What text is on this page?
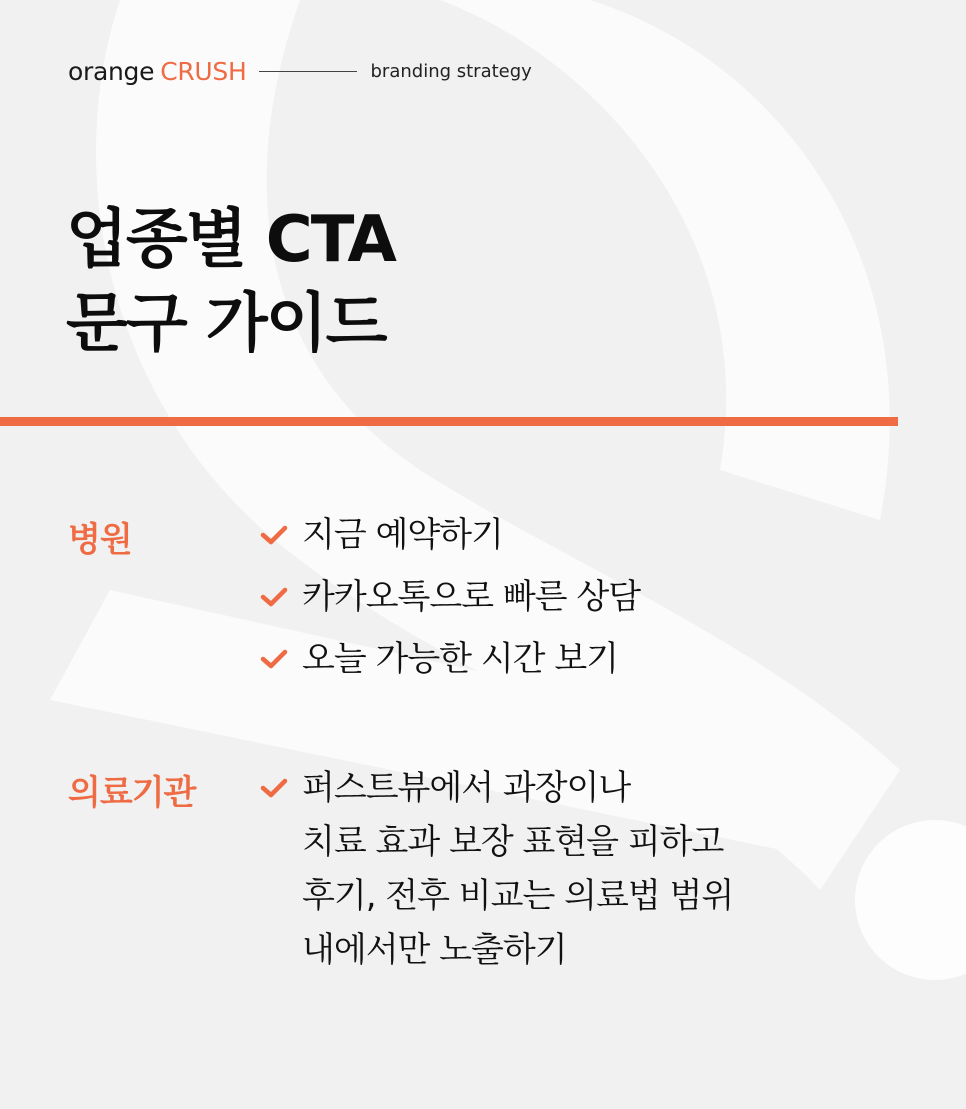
orange CRUSH	branding strategy
업종별 CTA
문구 가이드
병원	지금 예약하기
카카오톡으로 빠른 상담
오늘 가능한 시간 보기
의료기관	퍼스트뷰에서 과장이나
치료 효과 보장 표현을 피하고
후기, 전후 비교는 의료법 범위
내에서만 노출하기
